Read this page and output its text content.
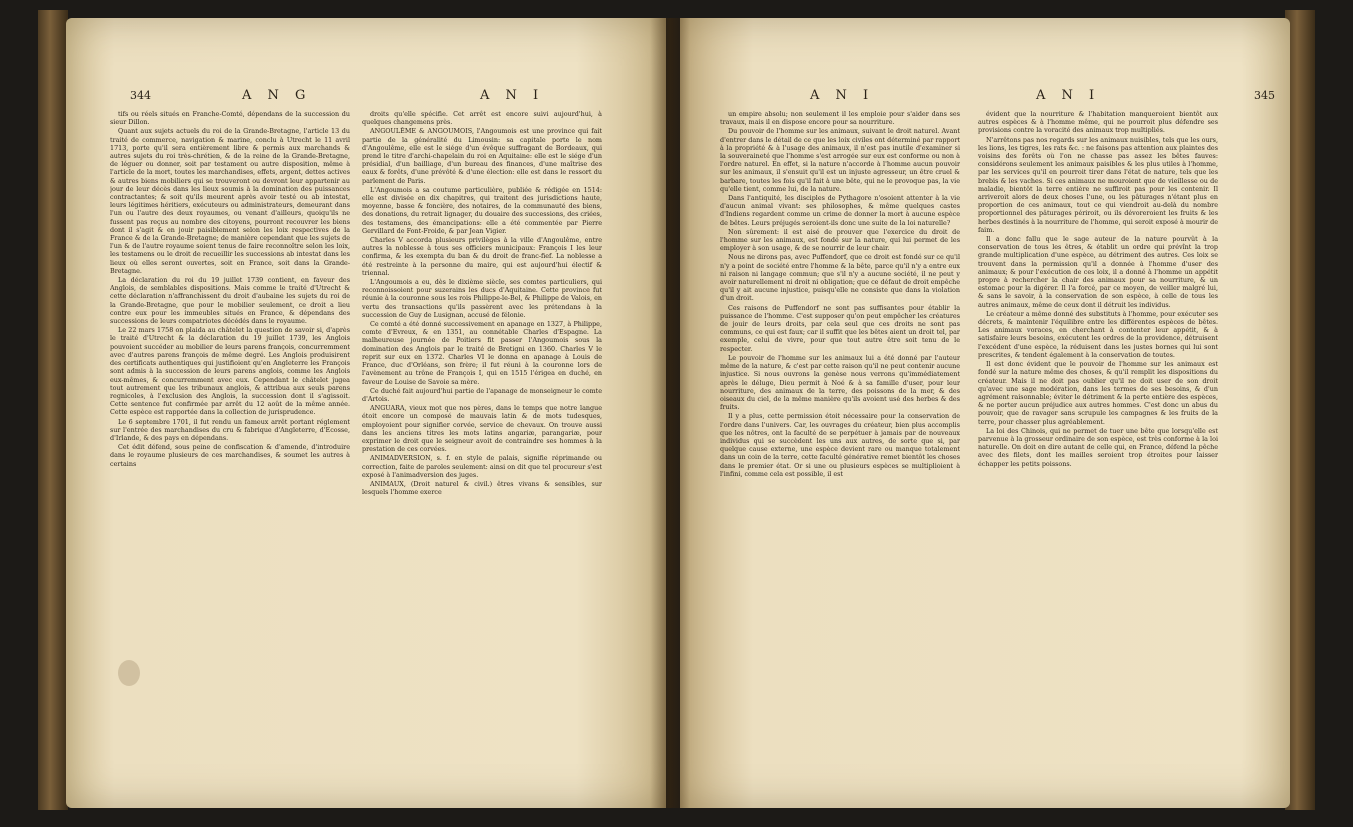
344	A N G	A N I

tifs ou réels situés en Franche-Comté, dépendans de la succession du sieur Dillon.

Quant aux sujets actuels du roi de la Grande-Bretagne, l'article 13 du traité de commerce, navigation & marine, conclu à Utrecht le 11 avril 1713, porte qu'il sera entièrement libre & permis aux marchands & autres sujets du roi très-chrétien, & de la reine de la Grande-Bretagne, de léguer ou donner, soit par testament ou autre disposition, même à l'article de la mort, toutes les marchandises, effets, argent, dettes actives & autres biens mobiliers qui se trouveront ou devront leur appartenir au jour de leur décès dans les lieux soumis à la domination des puissances contractantes; & soit qu'ils meurent après avoir testé ou ab intestat, leurs légitimes héritiers, exécuteurs ou administrateurs, demeurant dans l'un ou l'autre des deux royaumes, ou venant d'ailleurs, quoiqu'ils ne fussent pas reçus au nombre des citoyens, pourront recouvrer les biens dont il s'agit & en jouir paisiblement selon les loix respectives de la France & de la Grande-Bretagne; de manière cependant que les sujets de l'un & de l'autre royaume soient tenus de faire reconnoître selon les loix, les testamens ou le droit de recueillir les successions ab intestat dans les lieux où elles seront ouvertes, soit en France, soit dans la Grande-Bretagne.

La déclaration du roi du 19 juillet 1739 contient, en faveur des Anglois, de semblables dispositions. Mais comme le traité d'Utrecht & cette déclaration n'affranchissent du droit d'aubaine les sujets du roi de la Grande-Bretagne, que pour le mobilier seulement, ce droit a lieu contre eux pour les immeubles situés en France, & dépendans des successions de leurs compatriotes décédés dans le royaume.

Le 22 mars 1758 on plaida au châtelet la question de savoir si, d'après le traité d'Utrecht & la déclaration du 19 juillet 1739, les Anglois pouvoient succéder au mobilier de leurs parens françois, concurremment avec d'autres parens françois de même degré. Les Anglois produisirent des certificats authentiques qui justifioient qu'en Angleterre les François sont admis à la succession de leurs parens anglois, comme les Anglois eux-mêmes, & concurremment avec eux. Cependant le châtelet jugea tout autrement que les tribunaux anglois, & attribua aux seuls parens regnicoles, à l'exclusion des Anglois, la succession dont il s'agissoit. Cette sentence fut confirmée par arrêt du 12 août de la même année. Cette espèce est rapportée dans la collection de jurisprudence.

Le 6 septembre 1701, il fut rendu un fameux arrêt portant réglement sur l'entrée des marchandises du cru & fabrique d'Angleterre, d'Ecosse, d'Irlande, & des pays en dépendans.

Cet édit défend, sous peine de confiscation & d'amende, d'introduire dans le royaume plusieurs de ces marchandises, & soumet les autres à certains

droits qu'elle spécifie. Cet arrêt est encore suivi aujourd'hui, à quelques changemens près.

ANGOULÊME & ANGOUMOIS, l'Angoumois est une province qui fait partie de la généralité du Limousin: sa capitale porte le nom d'Angoulême, elle est le siége d'un évêque suffragant de Bordeaux, qui prend le titre d'archi-chapelain du roi en Aquitaine: elle est le siége d'un présidial, d'un bailliage, d'un bureau des finances, d'une maîtrise des eaux & forêts, d'une prévôté & d'une élection: elle est dans le ressort du parlement de Paris.

L'Angoumois a sa coutume particulière, publiée & rédigée en 1514: elle est divisée en dix chapitres, qui traitent des jurisdictions haute, moyenne, basse & foncière, des notaires, de la communauté des biens, des donations, du retrait lignager, du douaire des successions, des criées, des testamens, des émancipations: elle a été commentée par Pierre Gervillard de Font-Froide, & par Jean Vigier.

Charles V accorda plusieurs privilèges à la ville d'Angoulême, entre autres la noblesse à tous ses officiers municipaux: François I les leur confirma, & les exempta du ban & du droit de franc-fief. La noblesse a été restreinte à la personne du maire, qui est aujourd'hui électif & triennal.

L'Angoumois a eu, dès le dixième siècle, ses comtes particuliers, qui reconnoissoient pour suzerains les ducs d'Aquitaine. Cette province fut réunie à la couronne sous les rois Philippe-le-Bel, & Philippe de Valois, en vertu des transactions qu'ils passèrent avec les prétendans à la succession de Guy de Lusignan, accusé de félonie.

Ce comté a été donné successivement en apanage en 1327, à Philippe, comte d'Evreux, & en 1351, au connétable Charles d'Espagne. La malheureuse journée de Poitiers fit passer l'Angoumois sous la domination des Anglois par le traité de Bretigni en 1360. Charles V le reprit sur eux en 1372. Charles VI le donna en apanage à Louis de France, duc d'Orléans, son frère; il fut réuni à la couronne lors de l'avènement au trône de François I, qui en 1515 l'érigea en duché, en faveur de Louise de Savoie sa mère.

Ce duché fait aujourd'hui partie de l'apanage de monseigneur le comte d'Artois.

ANGUARA, vieux mot que nos pères, dans le temps que notre langue étoit encore un composé de mauvais latin & de mots tudesques, employoient pour signifier corvée, service de chevaux. On trouve aussi dans les anciens titres les mots latins angariæ, parangariæ, pour exprimer le droit que le seigneur avoit de contraindre ses hommes à la prestation de ces corvées.

ANIMADVERSION, s. f. en style de palais, signifie réprimande ou correction, faite de paroles seulement: ainsi on dit que tel procureur s'est exposé à l'animadversion des juges.

ANIMAUX, (Droit naturel & civil.) êtres vivans & sensibles, sur lesquels l'homme exerce

A N I	A N I	345

un empire absolu; non seulement il les emploie pour s'aider dans ses travaux, mais il en dispose encore pour sa nourriture.

Du pouvoir de l'homme sur les animaux, suivant le droit naturel. Avant d'entrer dans le détail de ce que les loix civiles ont déterminé par rapport à la propriété & à l'usage des animaux, il n'est pas inutile d'examiner si la souveraineté que l'homme s'est arrogée sur eux est conforme ou non à l'ordre naturel. En effet, si la nature n'accorde à l'homme aucun pouvoir sur les animaux, il s'ensuit qu'il est un injuste agresseur, un être cruel & barbare, toutes les fois qu'il fait à une bête, qui ne le provoque pas, la vie qu'elle tient, comme lui, de la nature.

Dans l'antiquité, les disciples de Pythagore n'osoient attenter à la vie d'aucun animal vivant: ses philosophes, & même quelques castes d'Indiens regardent comme un crime de donner la mort à aucune espèce de bêtes. Leurs préjugés seroient-ils donc une suite de la loi naturelle?

Non sûrement: il est aisé de prouver que l'exercice du droit de l'homme sur les animaux, est fondé sur la nature, qui lui permet de les employer à son usage, & de se nourrir de leur chair.

Nous ne dirons pas, avec Puffendorf, que ce droit est fondé sur ce qu'il n'y a point de société entre l'homme & la bête, parce qu'il n'y a entre eux ni raison ni langage commun; que s'il n'y a aucune société, il ne peut y avoir naturellement ni droit ni obligation; que ce défaut de droit empêche qu'il y ait aucune injustice, puisqu'elle ne consiste que dans la violation d'un droit.

Ces raisons de Puffendorf ne sont pas suffisantes pour établir la puissance de l'homme. C'est supposer qu'on peut empêcher les créatures de jouir de leurs droits, par cela seul que ces droits ne sont pas communs, ce qui est faux; car il suffit que les bêtes aient un droit tel, par exemple, celui de vivre, pour que tout autre être soit tenu de le respecter.

Le pouvoir de l'homme sur les animaux lui a été donné par l'auteur même de la nature, & c'est par cette raison qu'il ne peut contenir aucune injustice. Si nous ouvrons la genèse nous verrons qu'immédiatement après le déluge, Dieu permit à Noé & à sa famille d'user, pour leur nourriture, des animaux de la terre, des poissons de la mer, & des oiseaux du ciel, de la même manière qu'ils avoient usé des herbes & des fruits.

Il y a plus, cette permission étoit nécessaire pour la conservation de l'ordre dans l'univers. Car, les ouvrages du créateur, bien plus accomplis que les nôtres, ont la faculté de se perpétuer à jamais par de nouveaux individus qui se succèdent les uns aux autres, de sorte que si, par quelque cause externe, une espèce devient rare ou manque totalement dans un coin de la terre, cette faculté générative remet bientôt les choses dans le premier état. Or si une ou plusieurs espèces se multiplioient à l'infini, comme cela est possible, il est

évident que la nourriture & l'habitation manqueroient bientôt aux autres espèces & à l'homme même, qui ne pourroit plus défendre ses provisions contre la voracité des animaux trop multipliés.

N'arrêtons pas nos regards sur les animaux nuisibles, tels que les ours, les lions, les tigres, les rats &c. : ne faisons pas attention aux plaintes des voisins des forêts où l'on ne chasse pas assez les bêtes fauves: considérons seulement les animaux paisibles & les plus utiles à l'homme, par les services qu'il en pourroit tirer dans l'état de nature, tels que les brebis & les vaches. Si ces animaux ne mouroient que de vieillesse ou de maladie, bientôt la terre entière ne suffiroit pas pour les contenir. Il arriveroit alors de deux choses l'une, ou les pâturages n'étant plus en proportion de ces animaux, tout ce qui viendroit au-delà du nombre proportionnel des pâturages périroit, ou ils dévoreroient les fruits & les herbes destinés à la nourriture de l'homme, qui seroit exposé à mourir de faim.

Il a donc fallu que le sage auteur de la nature pourvût à la conservation de tous les êtres, & établit un ordre qui prévînt la trop grande multiplication d'une espèce, au détriment des autres. Ces loix se trouvent dans la permission qu'il a donnée à l'homme d'user des animaux; & pour l'exécution de ces loix, il a donné à l'homme un appétit propre à rechercher la chair des animaux pour sa nourriture, & un estomac pour la digérer. Il l'a forcé, par ce moyen, de veiller malgré lui, & sans le savoir, à la conservation de son espèce, à celle de tous les autres animaux, même de ceux dont il détruit les individus.

Le créateur a même donné des substituts à l'homme, pour exécuter ses décrets, & maintenir l'équilibre entre les différentes espèces de bêtes. Les animaux voraces, en cherchant à contenter leur appétit, & à satisfaire leurs besoins, exécutent les ordres de la providence, détruisent l'excédent d'une espèce, la réduisent dans les justes bornes qui lui sont prescrites, & tendent également à la conservation de toutes.

Il est donc évident que le pouvoir de l'homme sur les animaux est fondé sur la nature même des choses, & qu'il remplit les dispositions du créateur. Mais il ne doit pas oublier qu'il ne doit user de son droit qu'avec une sage modération, dans les termes de ses besoins, & d'un agrément raisonnable; éviter le détriment & la perte entière des espèces, & ne porter aucun préjudice aux autres hommes. C'est donc un abus du pouvoir, que de ravager sans scrupule les campagnes & les fruits de la terre, pour chasser plus agréablement.

La loi des Chinois, qui ne permet de tuer une bête que lorsqu'elle est parvenue à la grosseur ordinaire de son espèce, est très conforme à la loi naturelle. On doit en dire autant de celle qui, en France, défend la pêche avec des filets, dont les mailles seroient trop étroites pour laisser échapper les petits poissons.
